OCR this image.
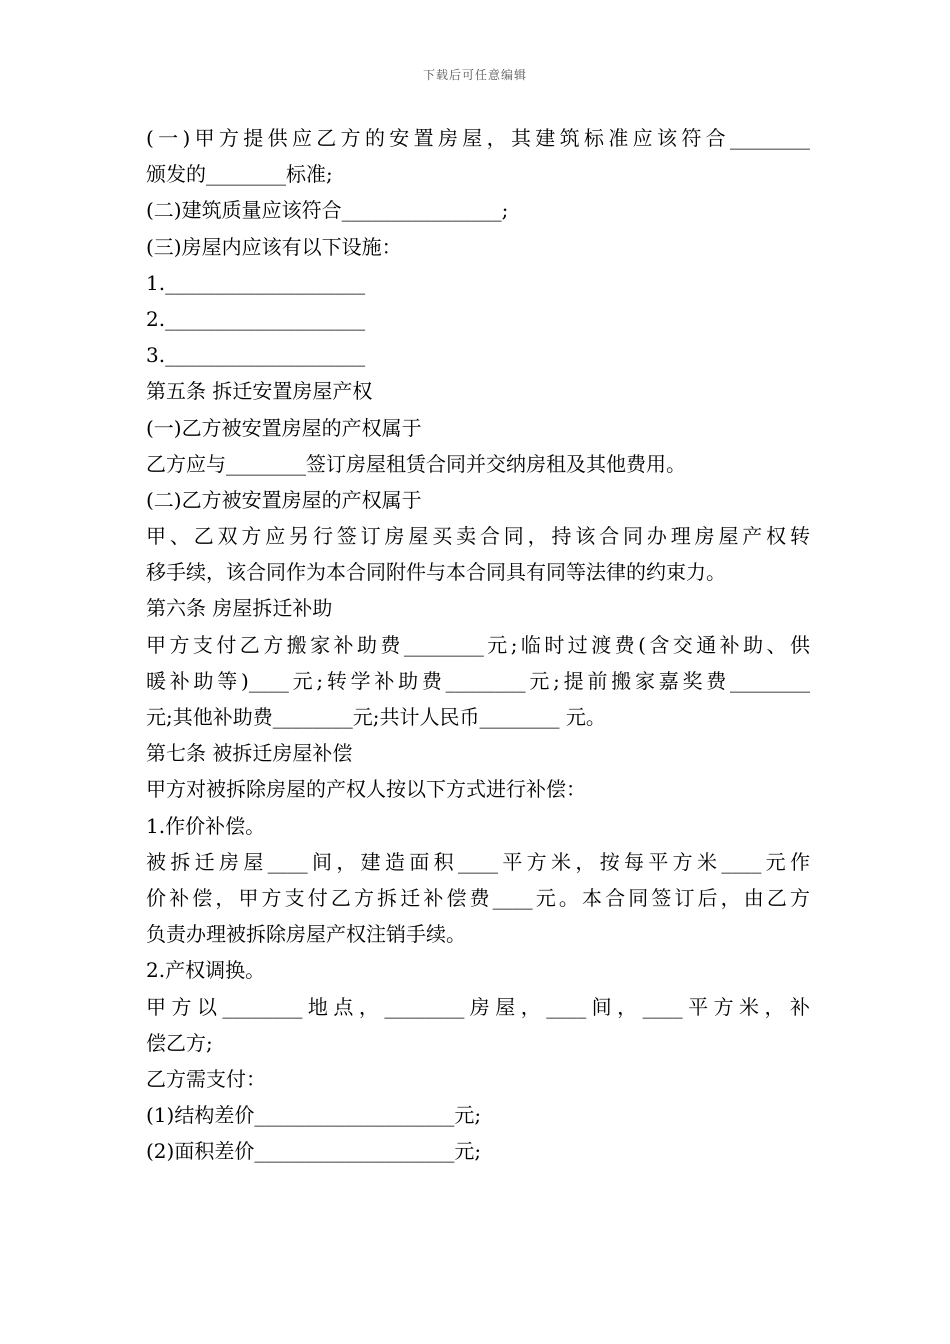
下载后可任意编辑
(一)甲方提供应乙方的安置房屋，其建筑标准应该符合________
颁发的________标准;
(二)建筑质量应该符合________________;
(三)房屋内应该有以下设施：
1.____________________
2.____________________
3.____________________
第五条 拆迁安置房屋产权
(一)乙方被安置房屋的产权属于
乙方应与________签订房屋租赁合同并交纳房租及其他费用。
(二)乙方被安置房屋的产权属于
甲、乙双方应另行签订房屋买卖合同，持该合同办理房屋产权转
移手续，该合同作为本合同附件与本合同具有同等法律的约束力。
第六条 房屋拆迁补助
甲方支付乙方搬家补助费________元;临时过渡费(含交通补助、供
暖补助等)____元;转学补助费________元;提前搬家嘉奖费________
元;其他补助费________元;共计人民币________ 元。
第七条 被拆迁房屋补偿
甲方对被拆除房屋的产权人按以下方式进行补偿：
1.作价补偿。
被拆迁房屋____间，建造面积____平方米，按每平方米____元作
价补偿，甲方支付乙方拆迁补偿费____元。本合同签订后，由乙方
负责办理被拆除房屋产权注销手续。
2.产权调换。
甲方以________地点，________房屋，____间，____平方米，补
偿乙方;
乙方需支付：
(1)结构差价____________________元;
(2)面积差价____________________元;
